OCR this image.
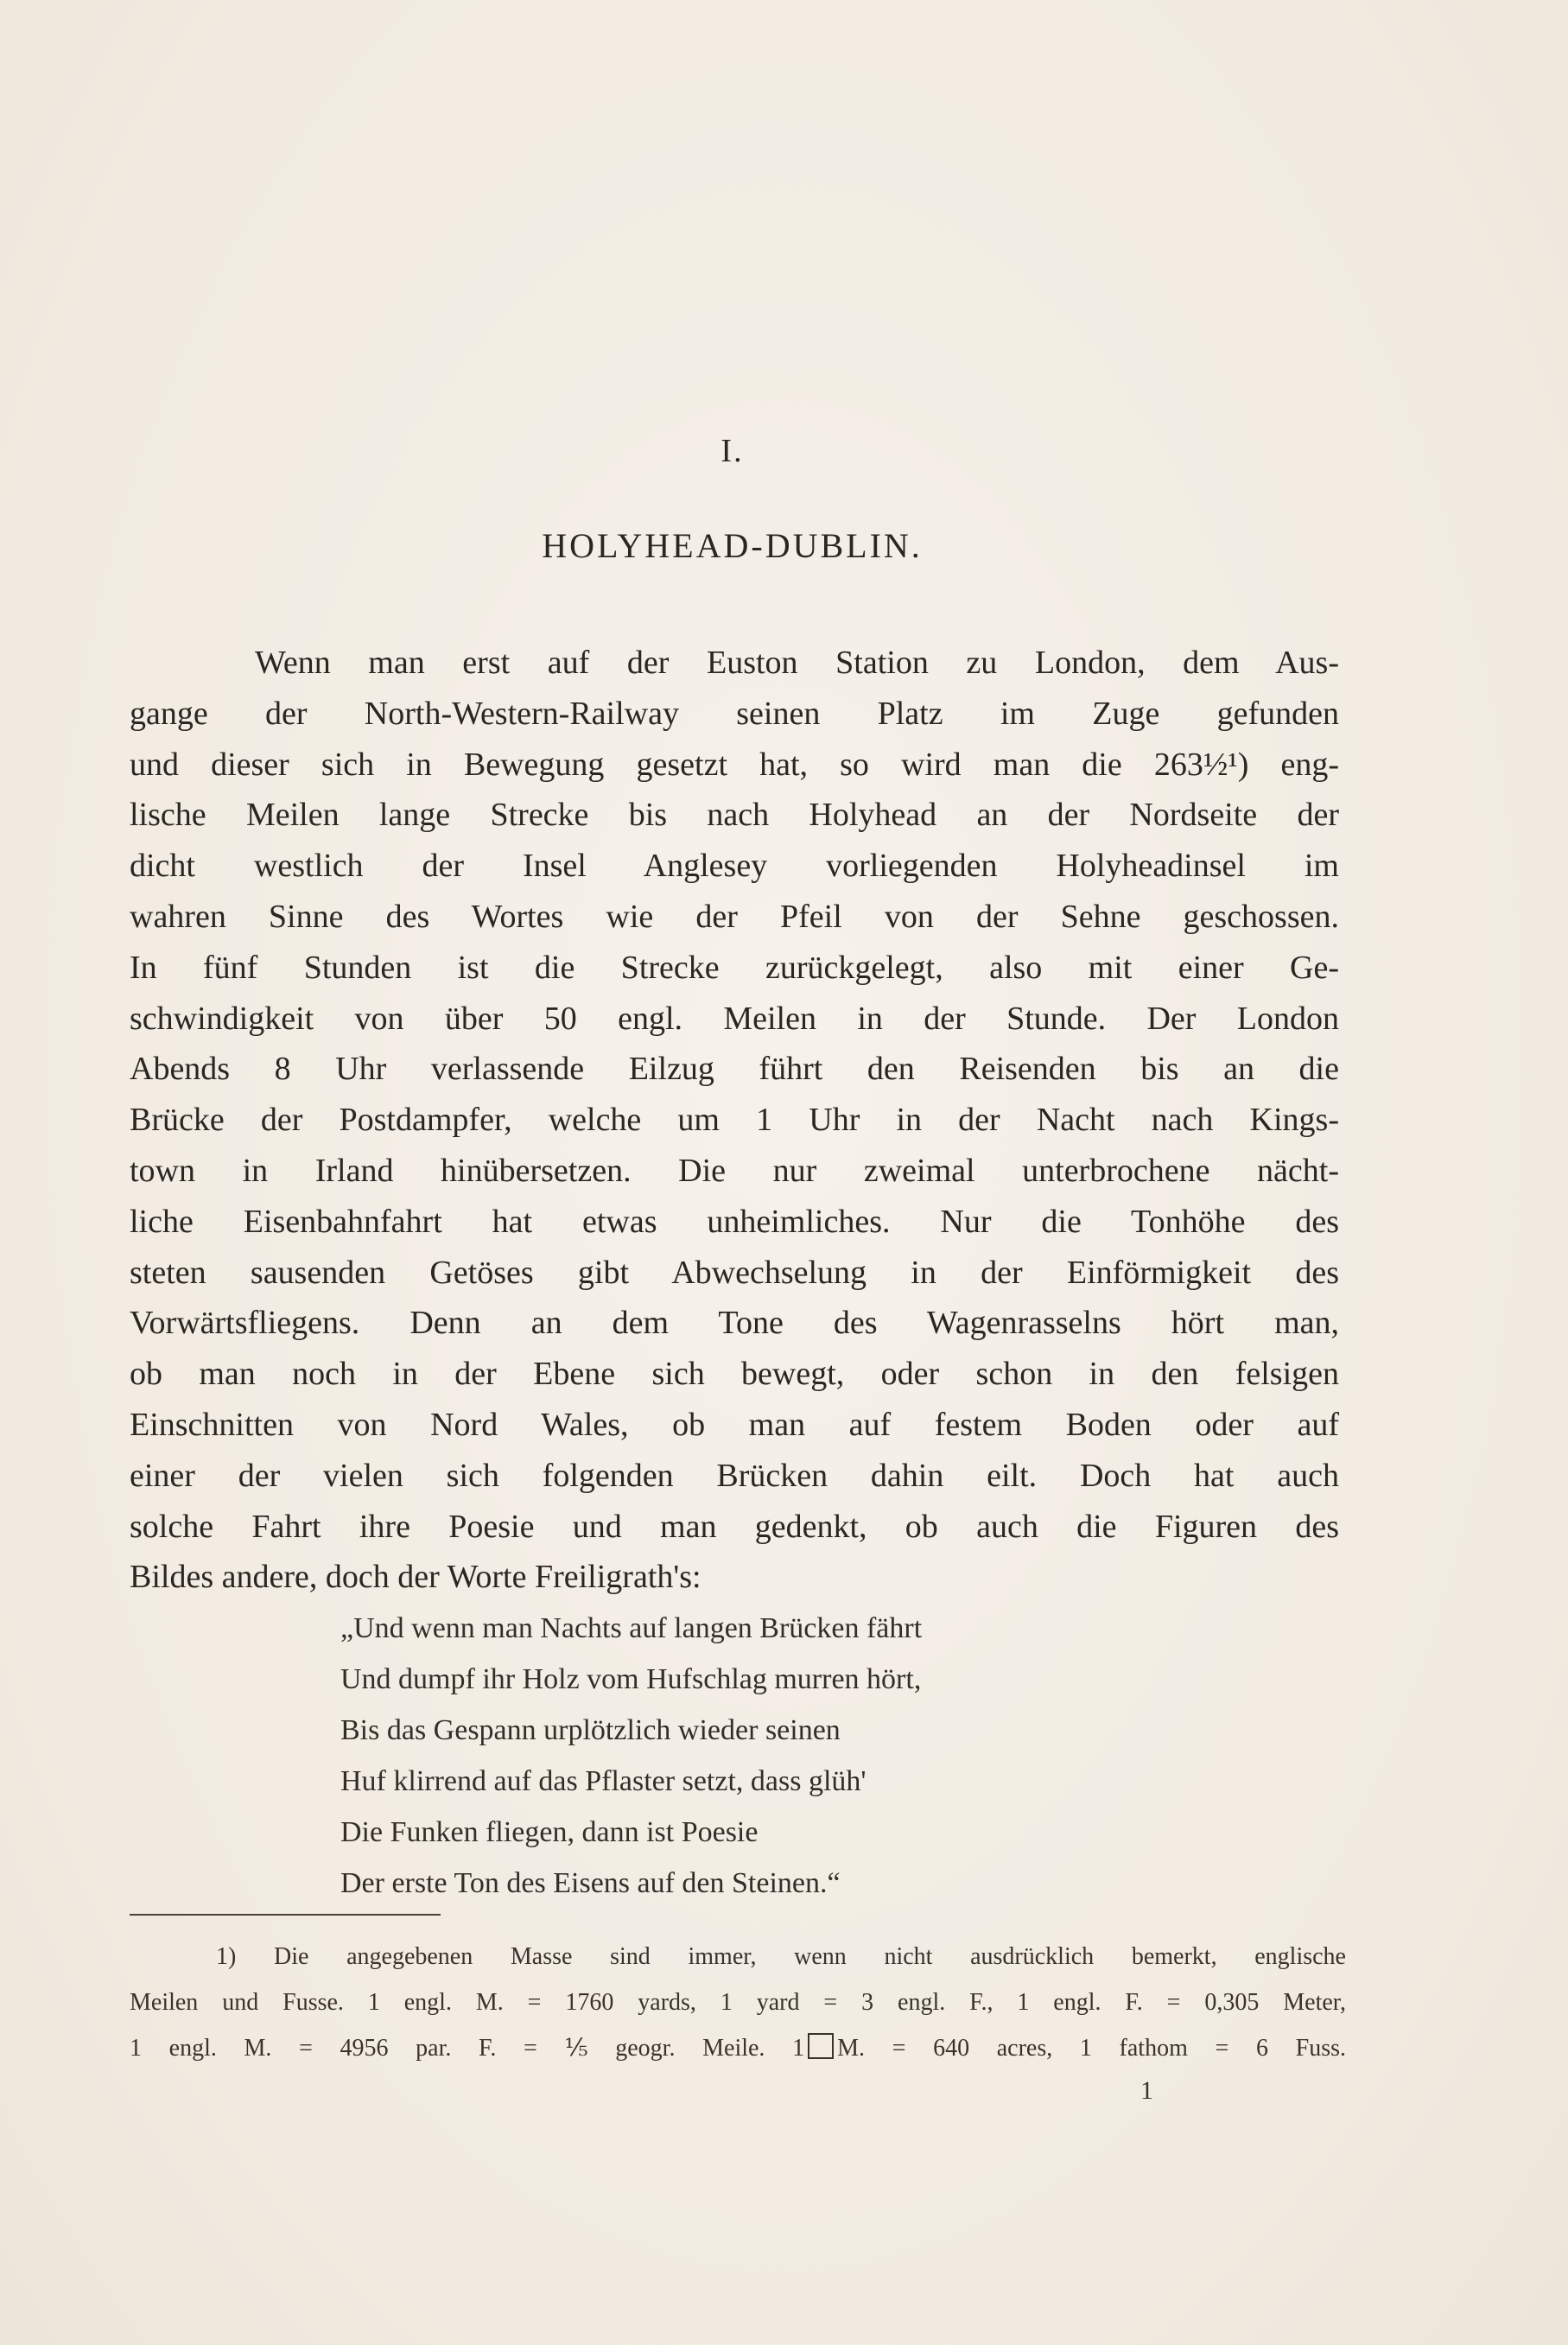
I.
HOLYHEAD-DUBLIN.
Wenn man erst auf der Euston Station zu London, dem Aus-
gange der North-Western-Railway seinen Platz im Zuge gefunden
und dieser sich in Bewegung gesetzt hat, so wird man die 263½¹) eng-
lische Meilen lange Strecke bis nach Holyhead an der Nordseite der
dicht westlich der Insel Anglesey vorliegenden Holyheadinsel im
wahren Sinne des Wortes wie der Pfeil von der Sehne geschossen.
In fünf Stunden ist die Strecke zurückgelegt, also mit einer Ge-
schwindigkeit von über 50 engl. Meilen in der Stunde. Der London
Abends 8 Uhr verlassende Eilzug führt den Reisenden bis an die
Brücke der Postdampfer, welche um 1 Uhr in der Nacht nach Kings-
town in Irland hinübersetzen. Die nur zweimal unterbrochene nächt-
liche Eisenbahnfahrt hat etwas unheimliches. Nur die Tonhöhe des
steten sausenden Getöses gibt Abwechselung in der Einförmigkeit des
Vorwärtsfliegens. Denn an dem Tone des Wagenrasselns hört man,
ob man noch in der Ebene sich bewegt, oder schon in den felsigen
Einschnitten von Nord Wales, ob man auf festem Boden oder auf
einer der vielen sich folgenden Brücken dahin eilt. Doch hat auch
solche Fahrt ihre Poesie und man gedenkt, ob auch die Figuren des
Bildes andere, doch der Worte Freiligrath's:
„Und wenn man Nachts auf langen Brücken fährt
Und dumpf ihr Holz vom Hufschlag murren hört,
Bis das Gespann urplötzlich wieder seinen
Huf klirrend auf das Pflaster setzt, dass glüh'
Die Funken fliegen, dann ist Poesie
Der erste Ton des Eisens auf den Steinen.“
1) Die angegebenen Masse sind immer, wenn nicht ausdrücklich bemerkt, englische
Meilen und Fusse. 1 engl. M. = 1760 yards, 1 yard = 3 engl. F., 1 engl. F. = 0,305 Meter,
1 engl. M. = 4956 par. F. = ⅕ geogr. Meile. 1 M. = 640 acres, 1 fathom = 6 Fuss.
1
